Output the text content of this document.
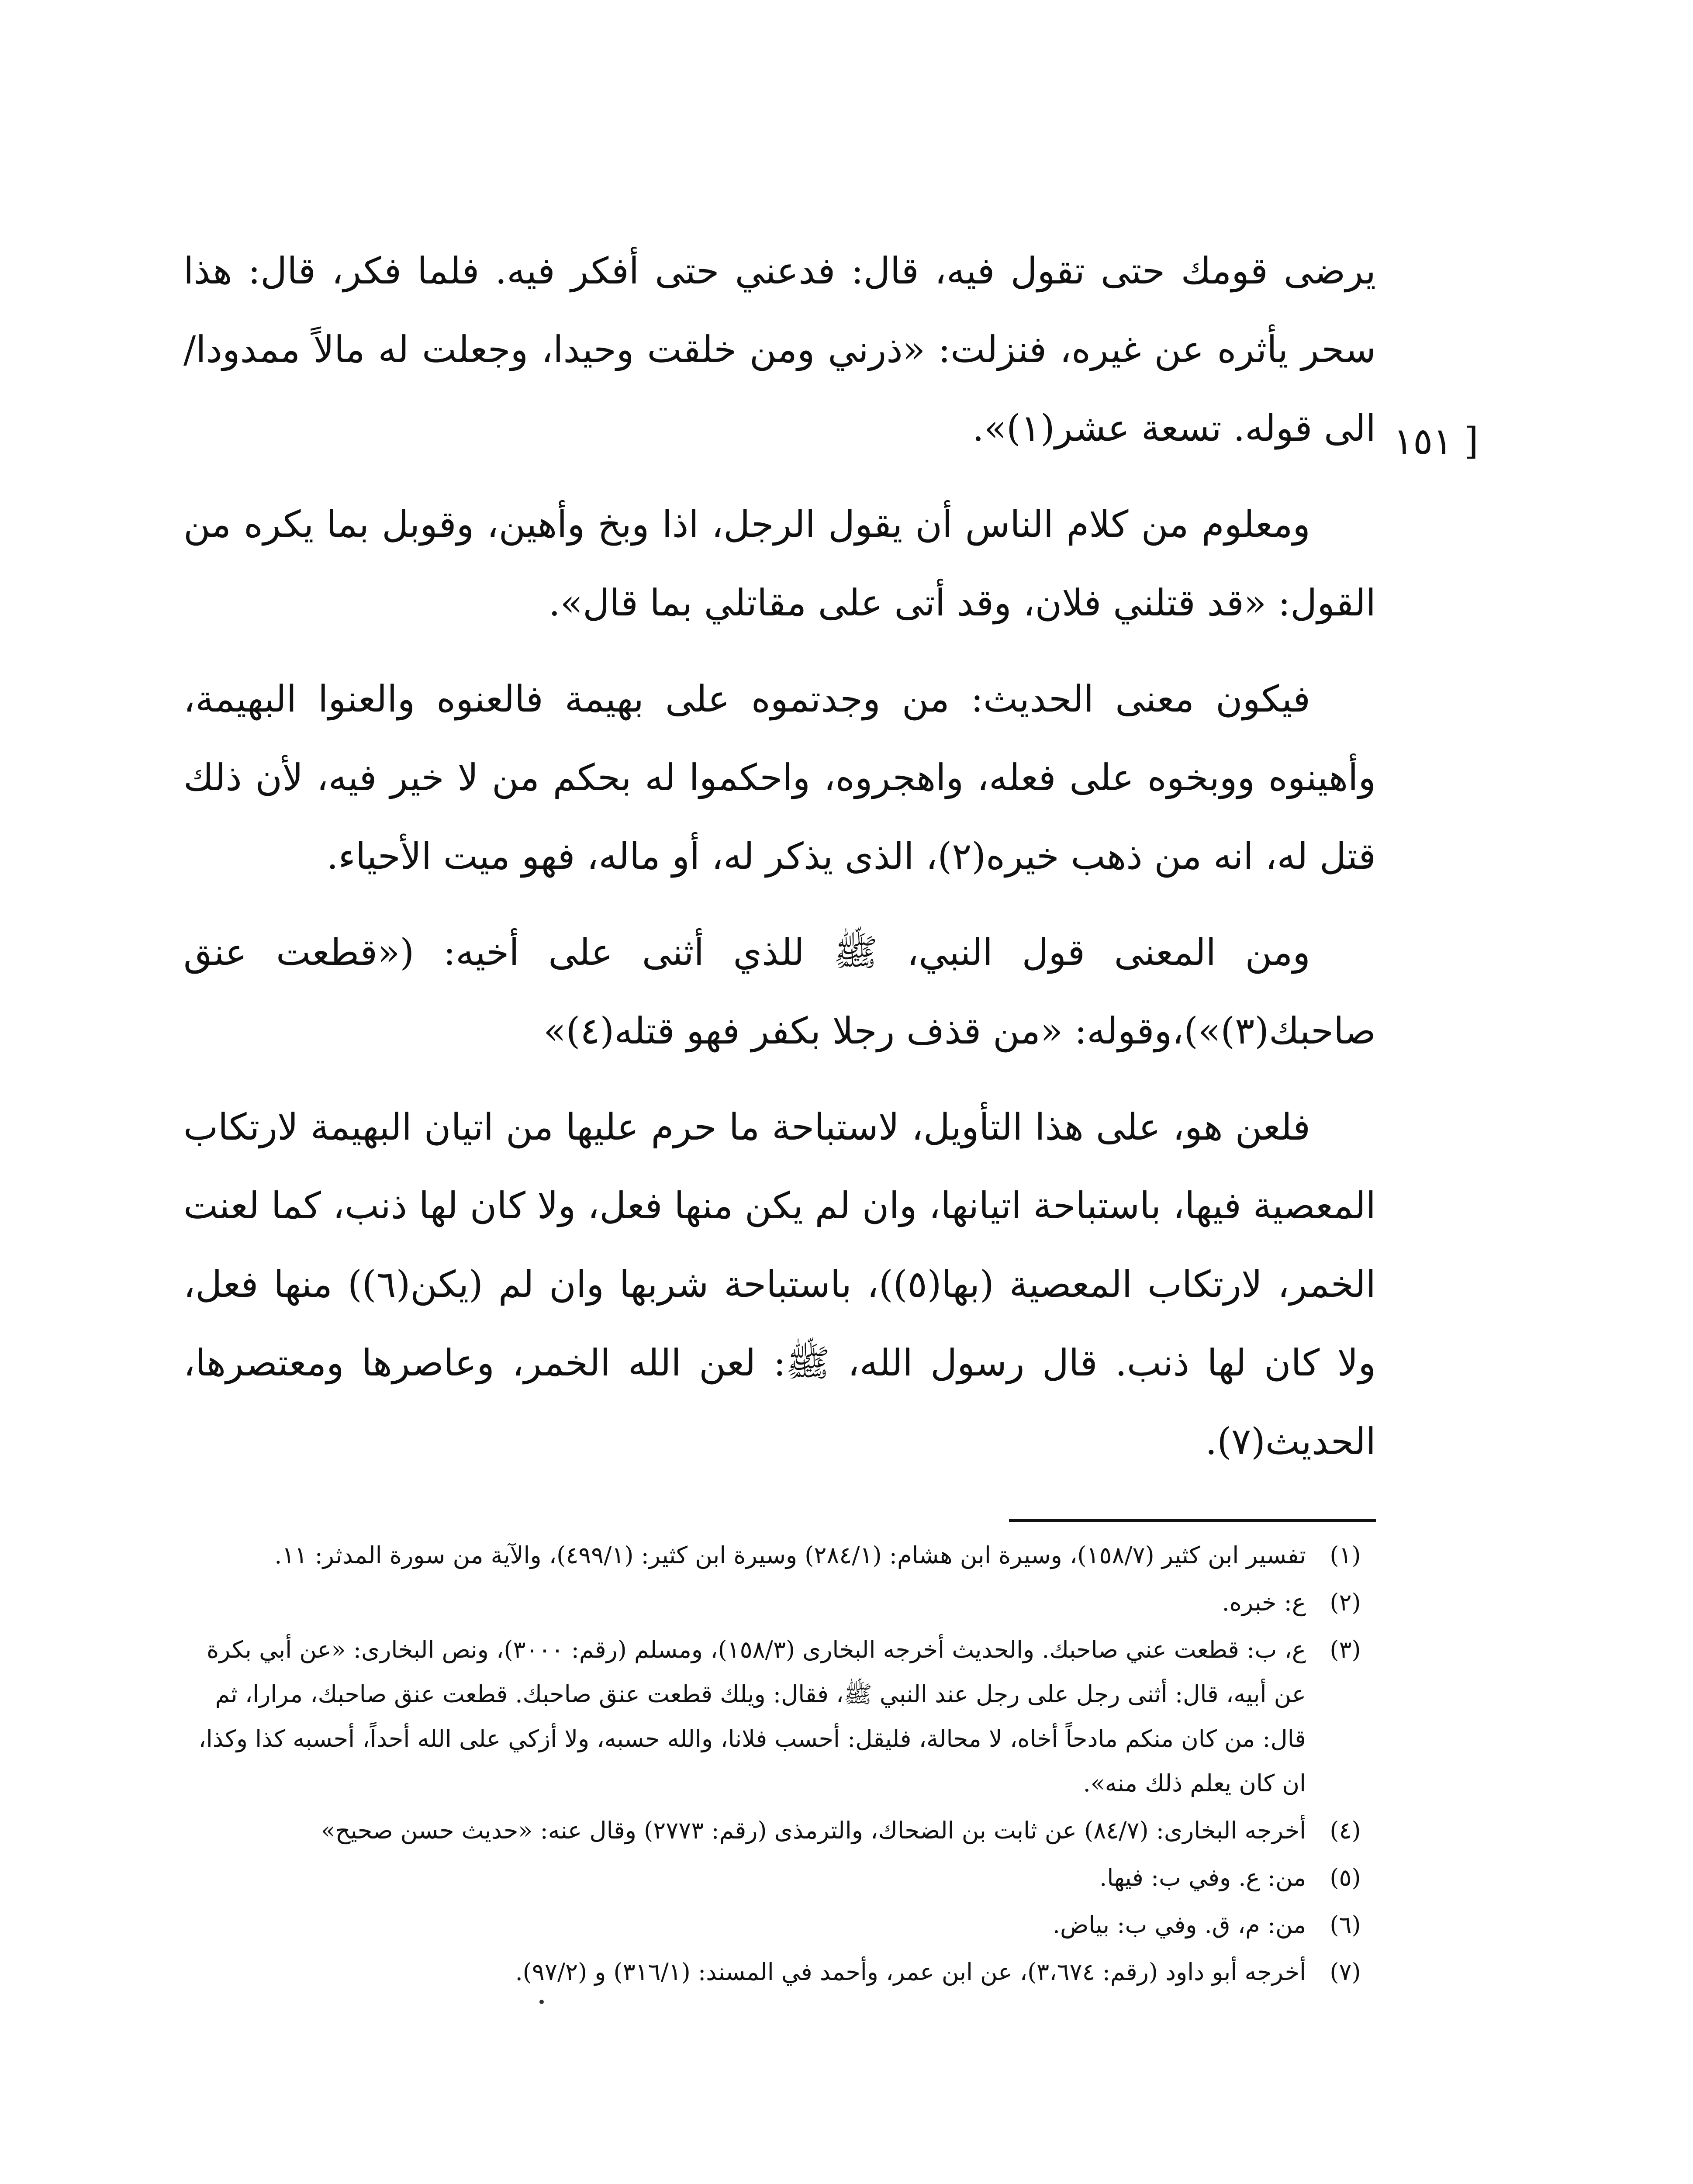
[ ١٥١

يرضى قومك حتى تقول فيه، قال: فدعني حتى أفكر فيه. فلما فكر، قال: هذا سحر يأثره عن غيره، فنزلت: «ذرني ومن خلقت وحيدا، وجعلت له مالاً ممدودا/ الى قوله. تسعة عشر(١)».

ومعلوم من كلام الناس أن يقول الرجل، اذا وبخ وأهين، وقوبل بما يكره من القول: «قد قتلني فلان، وقد أتى على مقاتلي بما قال».

فيكون معنى الحديث: من وجدتموه على بهيمة فالعنوه والعنوا البهيمة، وأهينوه ووبخوه على فعله، واهجروه، واحكموا له بحكم من لا خير فيه، لأن ذلك قتل له، انه من ذهب خيره(٢)، الذى يذكر له، أو ماله، فهو ميت الأحياء.

ومن المعنى قول النبي، ﷺ للذي أثنى على أخيه: («قطعت عنق صاحبك(٣)»)،وقوله: «من قذف رجلا بكفر فهو قتله(٤)»

فلعن هو، على هذا التأويل، لاستباحة ما حرم عليها من اتيان البهيمة لارتكاب المعصية فيها، باستباحة اتيانها، وان لم يكن منها فعل، ولا كان لها ذنب، كما لعنت الخمر، لارتكاب المعصية (بها(٥))، باستباحة شربها وان لم (يكن(٦)) منها فعل، ولا كان لها ذنب. قال رسول الله، ﷺ: لعن الله الخمر، وعاصرها ومعتصرها، الحديث(٧).

(١)
تفسير ابن كثير (١٥٨/٧)، وسيرة ابن هشام: (٢٨٤/١) وسيرة ابن كثير: (٤٩٩/١)، والآية من سورة المدثر: ١١.
(٢)
ع: خبره.
(٣)
ع، ب: قطعت عني صاحبك. والحديث أخرجه البخارى (١٥٨/٣)، ومسلم (رقم: ٣٠٠٠)، ونص البخارى: «عن أبي بكرة عن أبيه، قال: أثنى رجل على رجل عند النبي ﷺ، فقال: ويلك قطعت عنق صاحبك. قطعت عنق صاحبك، مرارا، ثم قال: من كان منكم مادحاً أخاه، لا محالة، فليقل: أحسب فلانا، والله حسبه، ولا أزكي على الله أحداً، أحسبه كذا وكذا، ان كان يعلم ذلك منه».
(٤)
أخرجه البخارى: (٨٤/٧) عن ثابت بن الضحاك، والترمذى (رقم: ٢٧٧٣) وقال عنه: «حديث حسن صحيح»
(٥)
من: ع. وفي ب: فيها.
(٦)
من: م، ق. وفي ب: بياض.
(٧)
أخرجه أبو داود (رقم: ٣،٦٧٤)، عن ابن عمر، وأحمد في المسند: (٣١٦/١) و (٩٧/٢).
